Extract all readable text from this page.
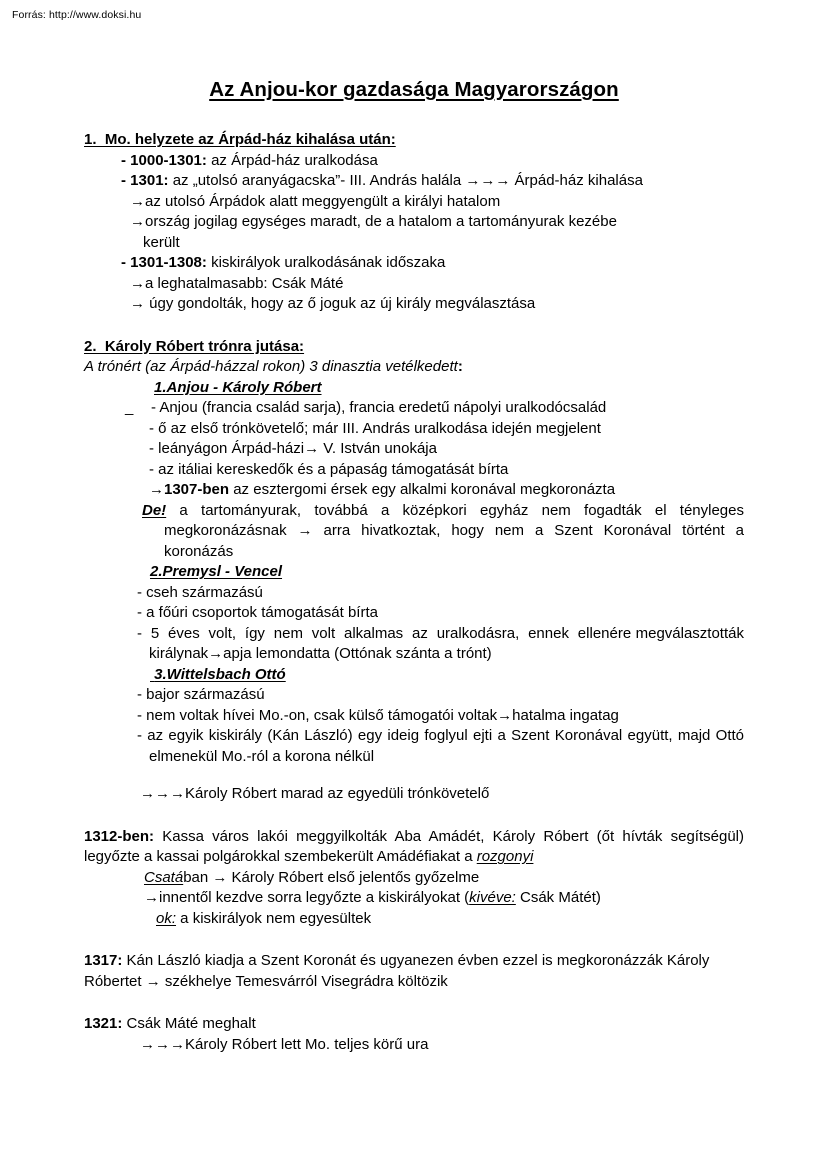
Forrás: http://www.doksi.hu
Az Anjou-kor gazdasága Magyarországon
1.  Mo. helyzete az Árpád-ház kihalása után:
- 1000-1301: az Árpád-ház uralkodása
- 1301: az „utolsó aranyágacska”- III. András halála →→→ Árpád-ház kihalása
→az utolsó Árpádok alatt meggyengült a királyi hatalom
→ország jogilag egységes maradt, de a hatalom a tartományurak kezébe
került
- 1301-1308: kiskirályok uralkodásának időszaka
→a leghatalmasabb: Csák Máté
→ úgy gondolták, hogy az ő joguk az új király megválasztása
2.  Károly Róbert trónra jutása:
A trónért (az Árpád-házzal rokon) 3 dinasztia vetélkedett:
1.Anjou - Károly Róbert
_ - Anjou (francia család sarja), francia eredetű nápolyi uralkodócsalád
- ő az első trónkövetelő; már III. András uralkodása idején megjelent
- leányágon Árpád-házi→ V. István unokája
- az itáliai kereskedők és a pápaság támogatását bírta
→1307-ben az esztergomi érsek egy alkalmi koronával megkoronázta
De! a tartományurak, továbbá a középkori egyház nem fogadták el tényleges megkoronázásnak → arra hivatkoztak, hogy nem a Szent Koronával történt a koronázás
2.Premysl - Vencel
- cseh származású
- a főúri csoportok támogatását bírta
-  5  éves  volt,  így  nem  volt  alkalmas  az  uralkodásra,  ennek  ellenére megválasztották királynak→apja lemondatta (Ottónak szánta a trónt)
3.Wittelsbach Ottó
- bajor származású
- nem voltak hívei Mo.-on, csak külső támogatói voltak→hatalma ingatag
- az egyik kiskirály (Kán László) egy ideig foglyul ejti a Szent Koronával együtt, majd Ottó elmenekül Mo.-ról a korona nélkül
→→→Károly Róbert marad az egyedüli trónkövetelő
1312-ben: Kassa város lakói meggyilkolták Aba Amádét, Károly Róbert (őt hívták segítségül) legyőzte a kassai polgárokkal szembekerült Amádéfiakat a rozgonyi
Csatában → Károly Róbert első jelentős győzelme
→innentől kezdve sorra legyőzte a kiskirályokat (kivéve: Csák Mátét)
ok: a kiskirályok nem egyesültek
1317: Kán László kiadja a Szent Koronát és ugyanezen évben ezzel is megkoronázzák Károly Róbertet → székhelye Temesvárról Visegrádra költözik
1321: Csák Máté meghalt
→→→Károly Róbert lett Mo. teljes körű ura
